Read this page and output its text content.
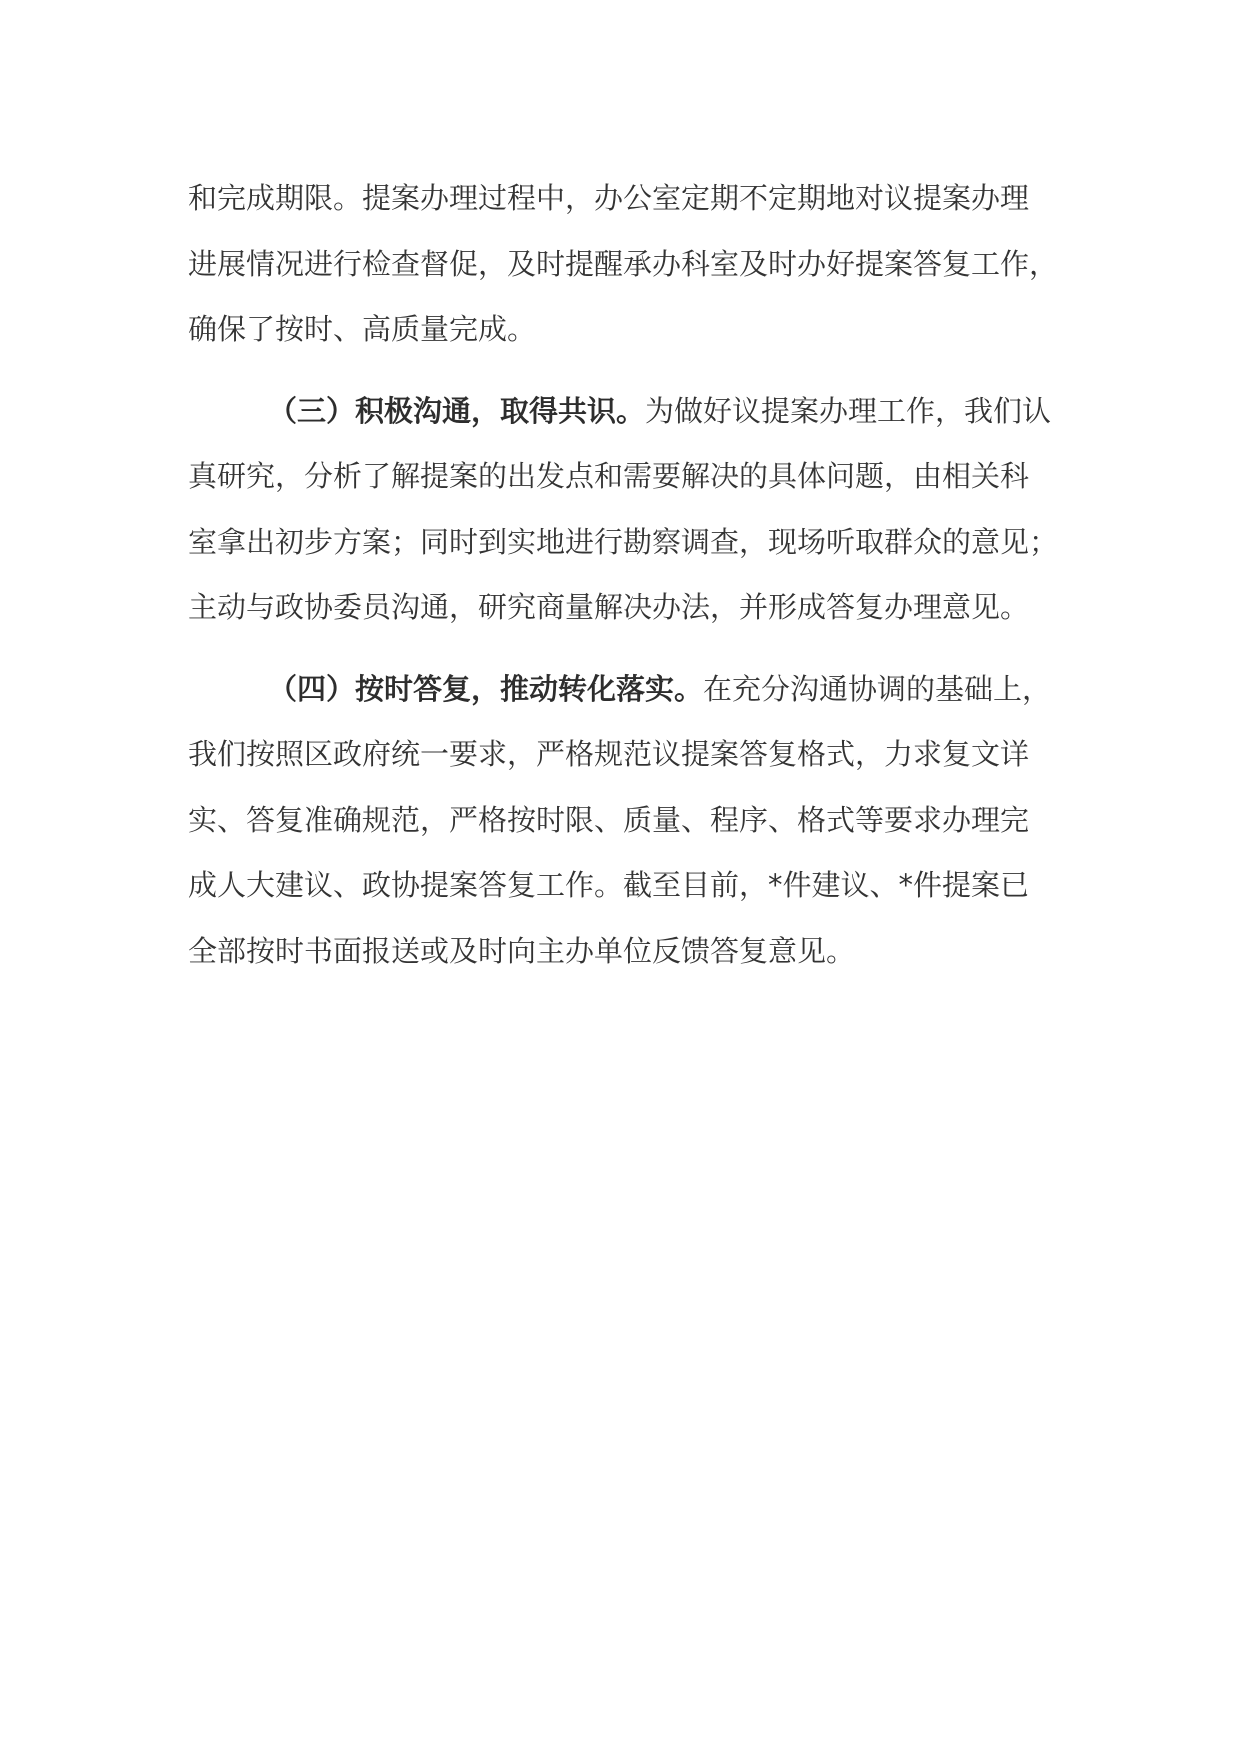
和完成期限。提案办理过程中，办公室定期不定期地对议提案办理
进展情况进行检查督促，及时提醒承办科室及时办好提案答复工作，
确保了按时、高质量完成。
（三）积极沟通，取得共识。为做好议提案办理工作，我们认
真研究，分析了解提案的出发点和需要解决的具体问题，由相关科
室拿出初步方案；同时到实地进行勘察调查，现场听取群众的意见；
主动与政协委员沟通，研究商量解决办法，并形成答复办理意见。
（四）按时答复，推动转化落实。在充分沟通协调的基础上，
我们按照区政府统一要求，严格规范议提案答复格式，力求复文详
实、答复准确规范，严格按时限、质量、程序、格式等要求办理完
成人大建议、政协提案答复工作。截至目前，*件建议、*件提案已
全部按时书面报送或及时向主办单位反馈答复意见。
